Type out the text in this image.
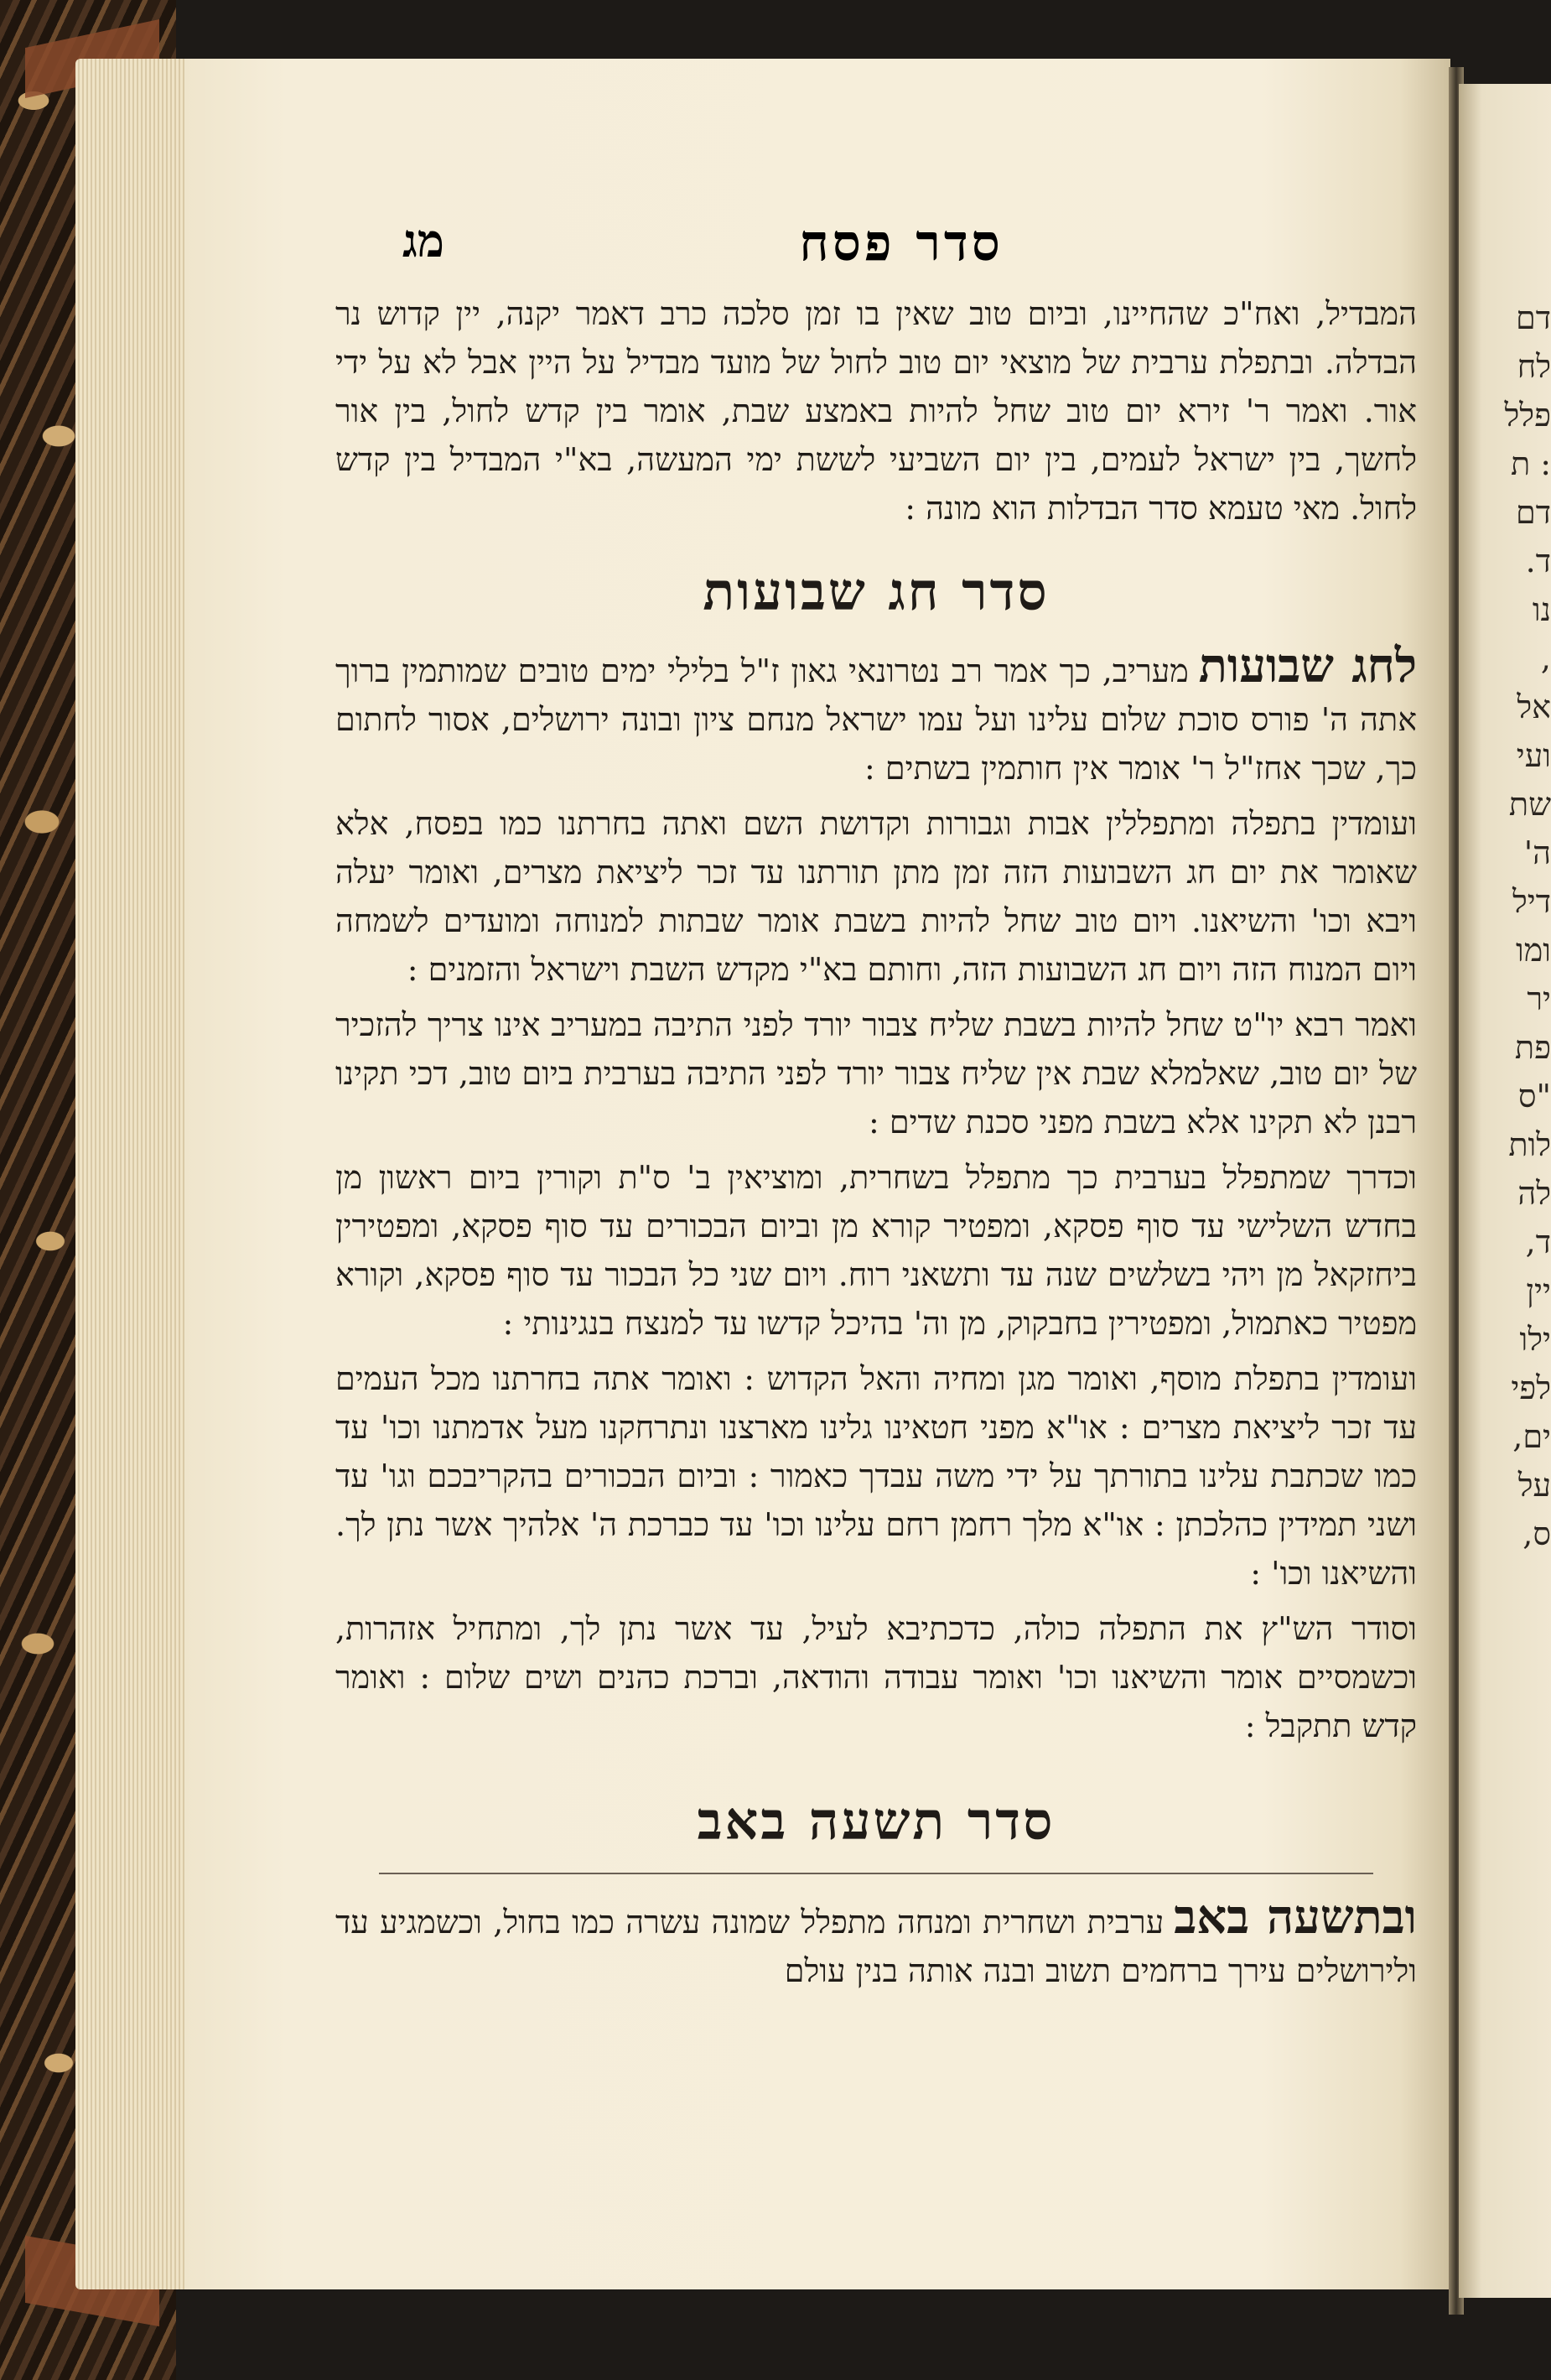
דם
לח
פלל
: ת
דם
ד.
נו
,
אל
ועי
שת
ה'
דיל
ומו
יר
פת
"ס
לות
לה
ד,
יין
ילו
לפי
ים,
על
ס,
סדר פסח
מג

המבדיל, ואח"כ שהחיינו, וביום טוב שאין בו זמן סלכה כרב דאמר יקנה, יין קדוש נר הבדלה. ובתפלת ערבית של מוצאי יום טוב לחול של מועד מבדיל על היין אבל לא על ידי אור. ואמר ר' זירא יום טוב שחל להיות באמצע שבת, אומר בין קדש לחול, בין אור לחשך, בין ישראל לעמים, בין יום השביעי לששת ימי המעשה, בא"י המבדיל בין קדש לחול. מאי טעמא סדר הבדלות הוא מונה :

סדר חג שבועות

לחג שבועותמעריב, כך אמר רב נטרונאי גאון ז"ל בלילי ימים טובים שמותמין ברוך אתה ה' פורס סוכת שלום עלינו ועל עמו ישראל מנחם ציון ובונה ירושלים, אסור לחתום כך, שכך אחז"ל ר' אומר אין חותמין בשתים :

ועומדין בתפלה ומתפללין אבות וגבורות וקדושת השם ואתה בחרתנו כמו בפסח, אלא שאומר את יום חג השבועות הזה זמן מתן תורתנו עד זכר ליציאת מצרים, ואומר יעלה ויבא וכו' והשיאנו. ויום טוב שחל להיות בשבת אומר שבתות למנוחה ומועדים לשמחה ויום המנוח הזה ויום חג השבועות הזה, וחותם בא"י מקדש השבת וישראל והזמנים :

ואמר רבא יו"ט שחל להיות בשבת שליח צבור יורד לפני התיבה במעריב אינו צריך להזכיר של יום טוב, שאלמלא שבת אין שליח צבור יורד לפני התיבה בערבית ביום טוב, דכי תקינו רבנן לא תקינו אלא בשבת מפני סכנת שדים :

וכדרך שמתפלל בערבית כך מתפלל בשחרית, ומוציאין ב' ס"ת וקורין ביום ראשון מן בחדש השלישי עד סוף פסקא, ומפטיר קורא מן וביום הבכורים עד סוף פסקא, ומפטירין ביחזקאל מן ויהי בשלשים שנה עד ותשאני רוח. ויום שני כל הבכור עד סוף פסקא, וקורא מפטיר כאתמול, ומפטירין בחבקוק, מן וה' בהיכל קדשו עד למנצח בנגינותי :

ועומדין בתפלת מוסף, ואומר מגן ומחיה והאל הקדוש : ואומר אתה בחרתנו מכל העמים עד זכר ליציאת מצרים : או"א מפני חטאינו גלינו מארצנו ונתרחקנו מעל אדמתנו וכו' עד כמו שכתבת עלינו בתורתך על ידי משה עבדך כאמור : וביום הבכורים בהקריבכם וגו' עד ושני תמידין כהלכתן : או"א מלך רחמן רחם עלינו וכו' עד כברכת ה' אלהיך אשר נתן לך. והשיאנו וכו' :

וסודר הש"ץ את התפלה כולה, כדכתיבא לעיל, עד אשר נתן לך, ומתחיל אזהרות, וכשמסיים אומר והשיאנו וכו' ואומר עבודה והודאה, וברכת כהנים ושים שלום : ואומר קדש תתקבל :

סדר תשעה באב

ובתשעה באבערבית ושחרית ומנחה מתפלל שמונה עשרה כמו בחול, וכשמגיע עד ולירושלים עירך ברחמים תשוב ובנה אותה בנין עולם
